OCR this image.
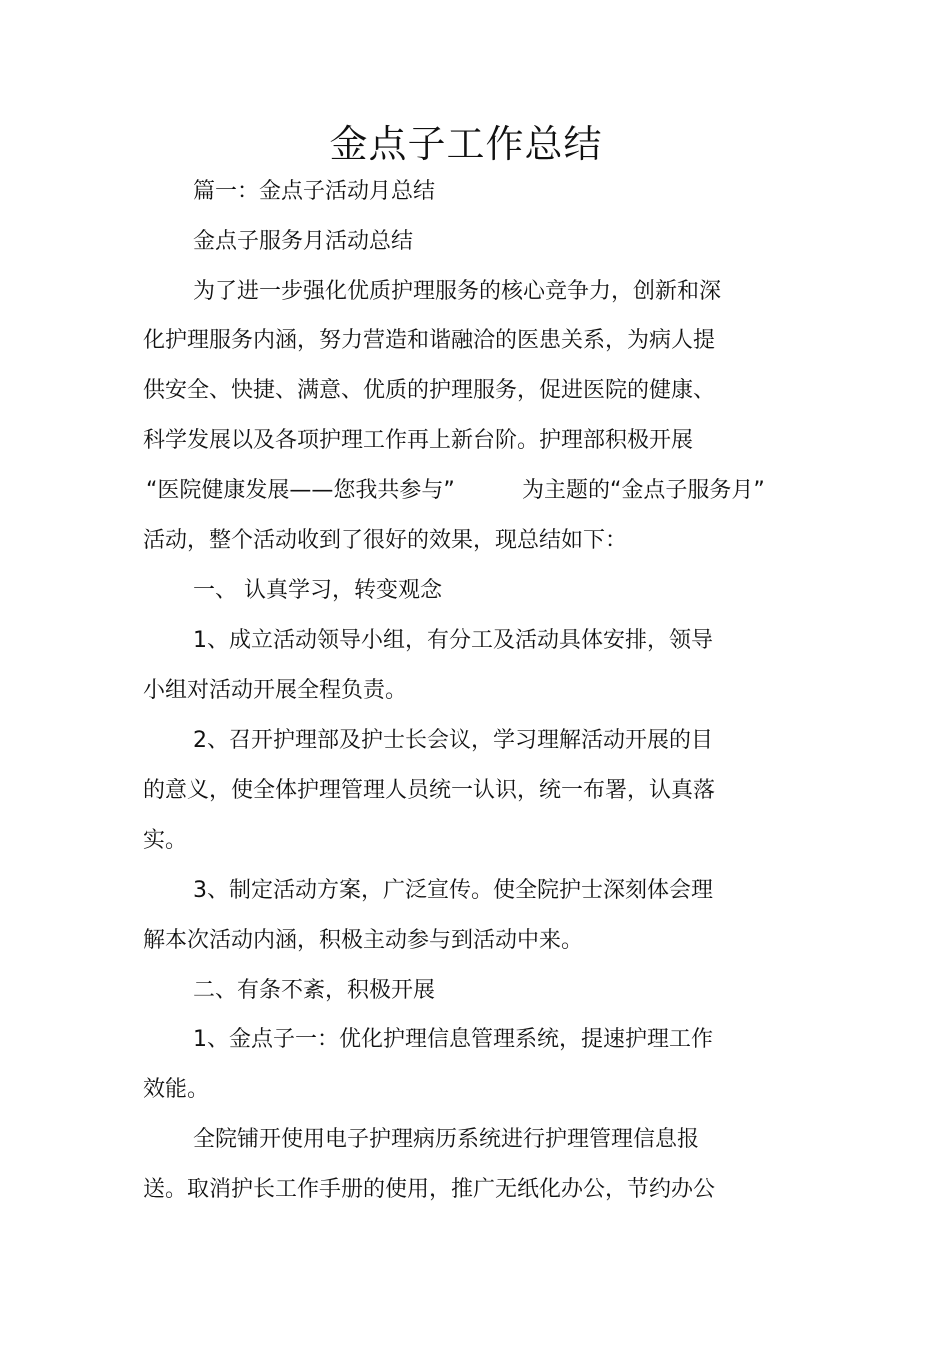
金点子工作总结
篇一：金点子活动月总结
金点子服务月活动总结
为了进一步强化优质护理服务的核心竞争力，创新和深
化护理服务内涵，努力营造和谐融洽的医患关系，为病人提
供安全、快捷、满意、优质的护理服务，促进医院的健康、
科学发展以及各项护理工作再上新台阶。护理部积极开展
“医院健康发展——您我共参与”	为主题的“金点子服务月”
活动，整个活动收到了很好的效果，现总结如下：
一、 认真学习，转变观念
1、成立活动领导小组，有分工及活动具体安排，领导
小组对活动开展全程负责。
2、召开护理部及护士长会议，学习理解活动开展的目
的意义，使全体护理管理人员统一认识，统一布署，认真落
实。
3、制定活动方案，广泛宣传。使全院护士深刻体会理
解本次活动内涵，积极主动参与到活动中来。
二、有条不紊，积极开展
1、金点子一：优化护理信息管理系统，提速护理工作
效能。
全院铺开使用电子护理病历系统进行护理管理信息报
送。取消护长工作手册的使用，推广无纸化办公，节约办公
